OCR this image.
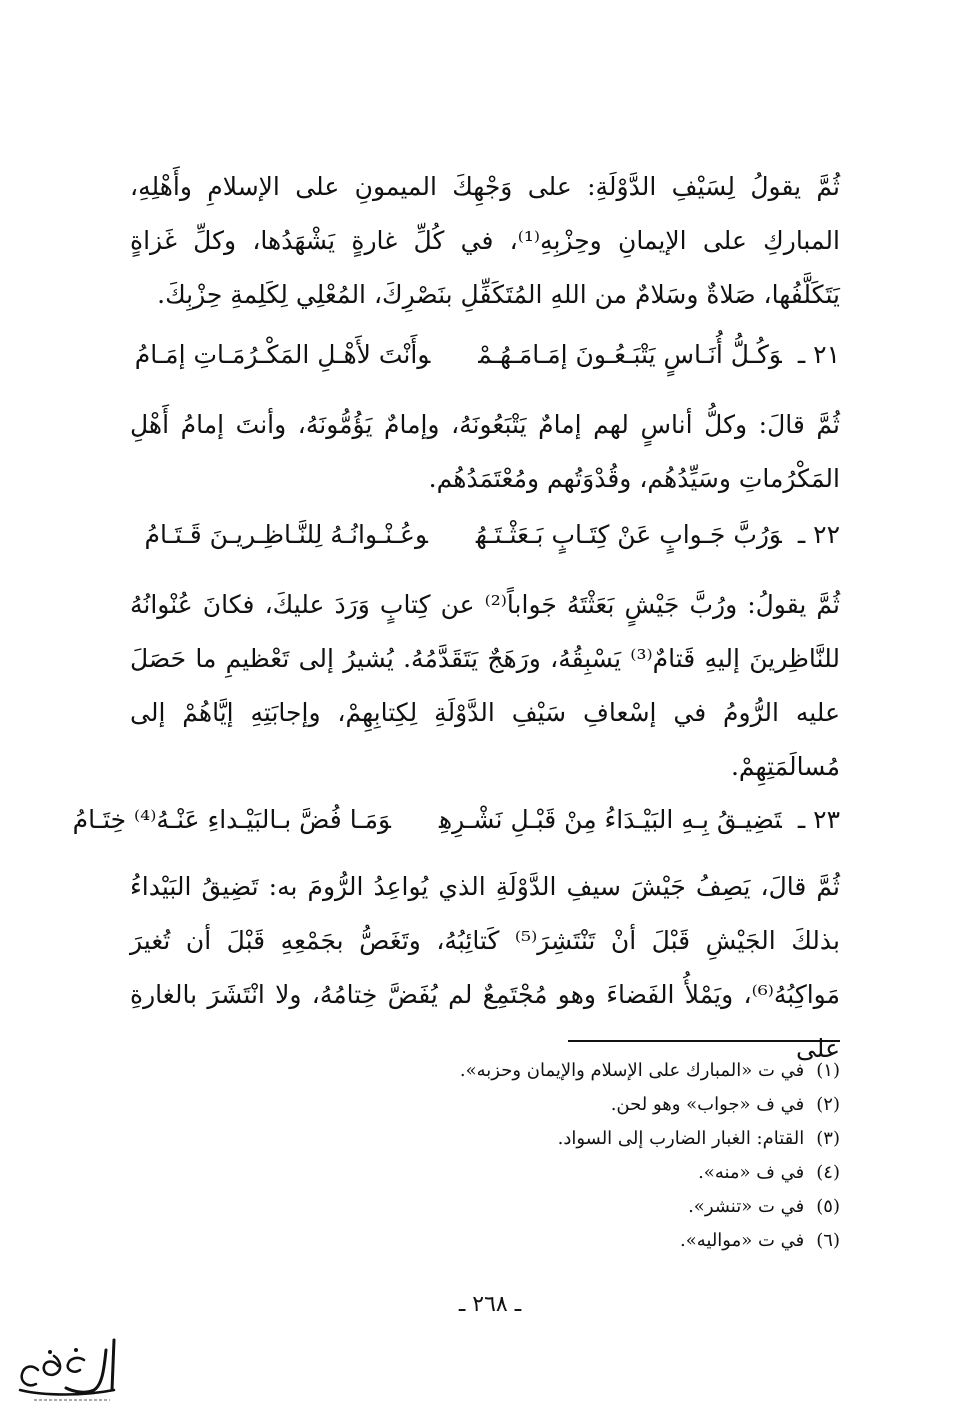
ثُمَّ يقولُ لِسَيْفِ الدَّوْلَةِ: على وَجْهِكَ الميمونِ على الإسلامِ وأَهْلِهِ، المباركِ على الإيمانِ وحِزْبِهِ⁽¹⁾، في كُلِّ غارةٍ يَشْهَدُها، وكلِّ غَزاةٍ يَتَكَلَّفُها، صَلاةٌ وسَلامٌ من اللهِ المُتَكَفِّلِ بنَصْرِكَ، المُعْلِي لِكَلِمةِ حِزْبِكَ.

٢١ ـوَكُـلُّ أُنَـاسٍ يَتْبَـعُـونَ إمَـامَـهُـمْوأَنْتَ لأَهْـلِ المَكْـرُمَـاتِ إمَـامُ

ثُمَّ قالَ: وكلُّ أناسٍ لهم إمامٌ يَتْبَعُونَهُ، وإمامٌ يَؤُمُّونَهُ، وأنتَ إمامُ أَهْلِ المَكْرُماتِ وسَيِّدُهُم، وقُدْوَتُهم ومُعْتَمَدُهُم.

٢٢ ـوَرُبَّ جَـوابٍ عَنْ كِتَـابٍ بَـعَثْـتَـهُوعُـنْـوانُـهُ لِلنَّـاظِـريـنَ قَـتَـامُ

ثُمَّ يقولُ: ورُبَّ جَيْشٍ بَعَثْتَهُ جَواباً⁽²⁾ عن كِتابٍ وَرَدَ عليكَ، فكانَ عُنْوانُهُ للنَّاظِرينَ إليهِ قَتامٌ⁽³⁾ يَسْبِقُهُ، ورَهَجٌ يَتَقَدَّمُهُ. يُشيرُ إلى تَعْظيمِ ما حَصَلَ عليه الرُّومُ في إسْعافِ سَيْفِ الدَّوْلَةِ لِكِتابِهِمْ، وإجابَتِهِ إيَّاهُمْ إلى مُسالَمَتِهِمْ.

٢٣ ـتَضِيـقُ بِـهِ البَيْـدَاءُ مِنْ قَبْـلِ نَشْـرِهِوَمَـا فُضَّ بـالبَيْـداءِ عَنْـهُ⁽⁴⁾ خِتَـامُ

ثُمَّ قالَ، يَصِفُ جَيْشَ سيفِ الدَّوْلَةِ الذي يُواعِدُ الرُّومَ به: تَضِيقُ البَيْداءُ بذلكَ الجَيْشِ قَبْلَ أنْ تَنْتَشِرَ⁽⁵⁾ كَتائِبُهُ، وتَغَصُّ بجَمْعِهِ قَبْلَ أن تُغيرَ مَواكِبُهُ⁽⁶⁾، ويَمْلأُ الفَضاءَ وهو مُجْتَمِعٌ لم يُفَضَّ خِتامُهُ، ولا انْتَشَرَ بالغارةِ على

(١)في ت «المبارك على الإسلام والإيمان وحزبه».
(٢)في ف «جواب» وهو لحن.
(٣)القتام: الغبار الضارب إلى السواد.
(٤)في ف «منه».
(٥)في ت «تنشر».
(٦)في ت «مواليه».
ـ ٢٦٨ ـ
